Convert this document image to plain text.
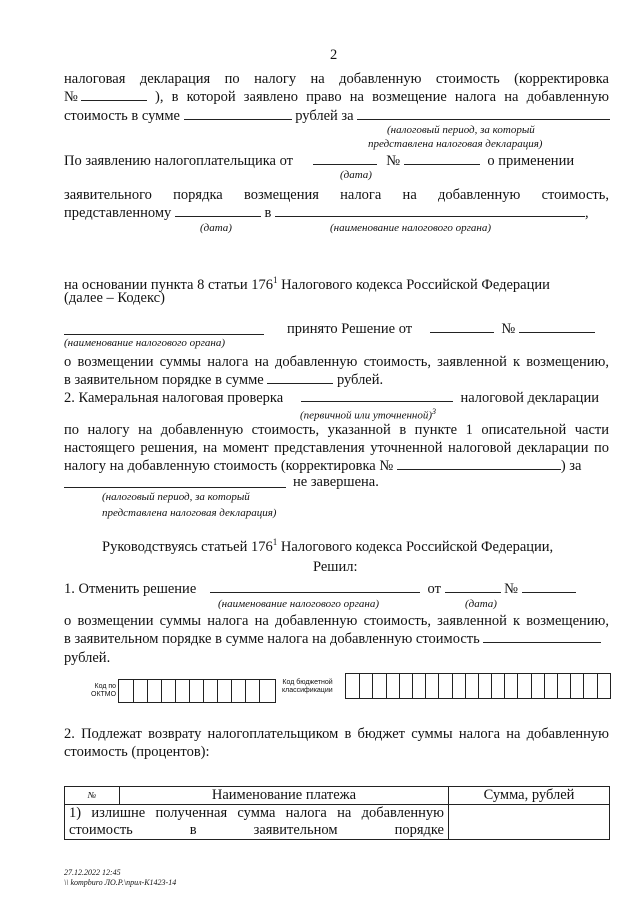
2
налоговая декларация по налогу на добавленную стоимость (корректировка
№	), в которой заявлено право на возмещение налога на добавленную
стоимость в сумме	рублей за
(налоговый период, за который
представлена налоговая декларация)
По заявлению налогоплательщика от	№	о применении
(дата)
заявительного порядка возмещения налога на добавленную стоимость,
представленному	в	,
(дата)	(наименование налогового органа)
на основании пункта 8 статьи $176^1$ Налогового кодекса Российской Федерации
(далее – Кодекс)
принято Решение от	№
(наименование налогового органа)
о возмещении суммы налога на добавленную стоимость, заявленной к возмещению,
в заявительном порядке в сумме	рублей.
2. Камеральная налоговая проверка	налоговой декларации
(первичной или уточненной)$^3$
по налогу на добавленную стоимость, указанной в пункте 1 описательной части
настоящего решения, на момент представления уточненной налоговой декларации по
налогу на добавленную стоимость (корректировка №	) за
не завершена.
(налоговый период, за который
представлена налоговая декларация)
Руководствуясь статьей $176^1$ Налогового кодекса Российской Федерации,
Решил:
1. Отменить решение	от	№
(наименование налогового органа)	(дата)
о возмещении суммы налога на добавленную стоимость, заявленной к возмещению,
в заявительном порядке в сумме налога на добавленную стоимость
рублей.
Код по
ОКТМО
Код бюджетной
классификации
2. Подлежат возврату налогоплательщиком в бюджет суммы налога на добавленную
стоимость (процентов):
№	Наименование платежа	Сумма, рублей

1) излишне полученная сумма налога на добавленную
стоимость в заявительном порядке		

27.12.2022 12:45
\\ kompburo ЛО.Р.\прил-К1423-14
